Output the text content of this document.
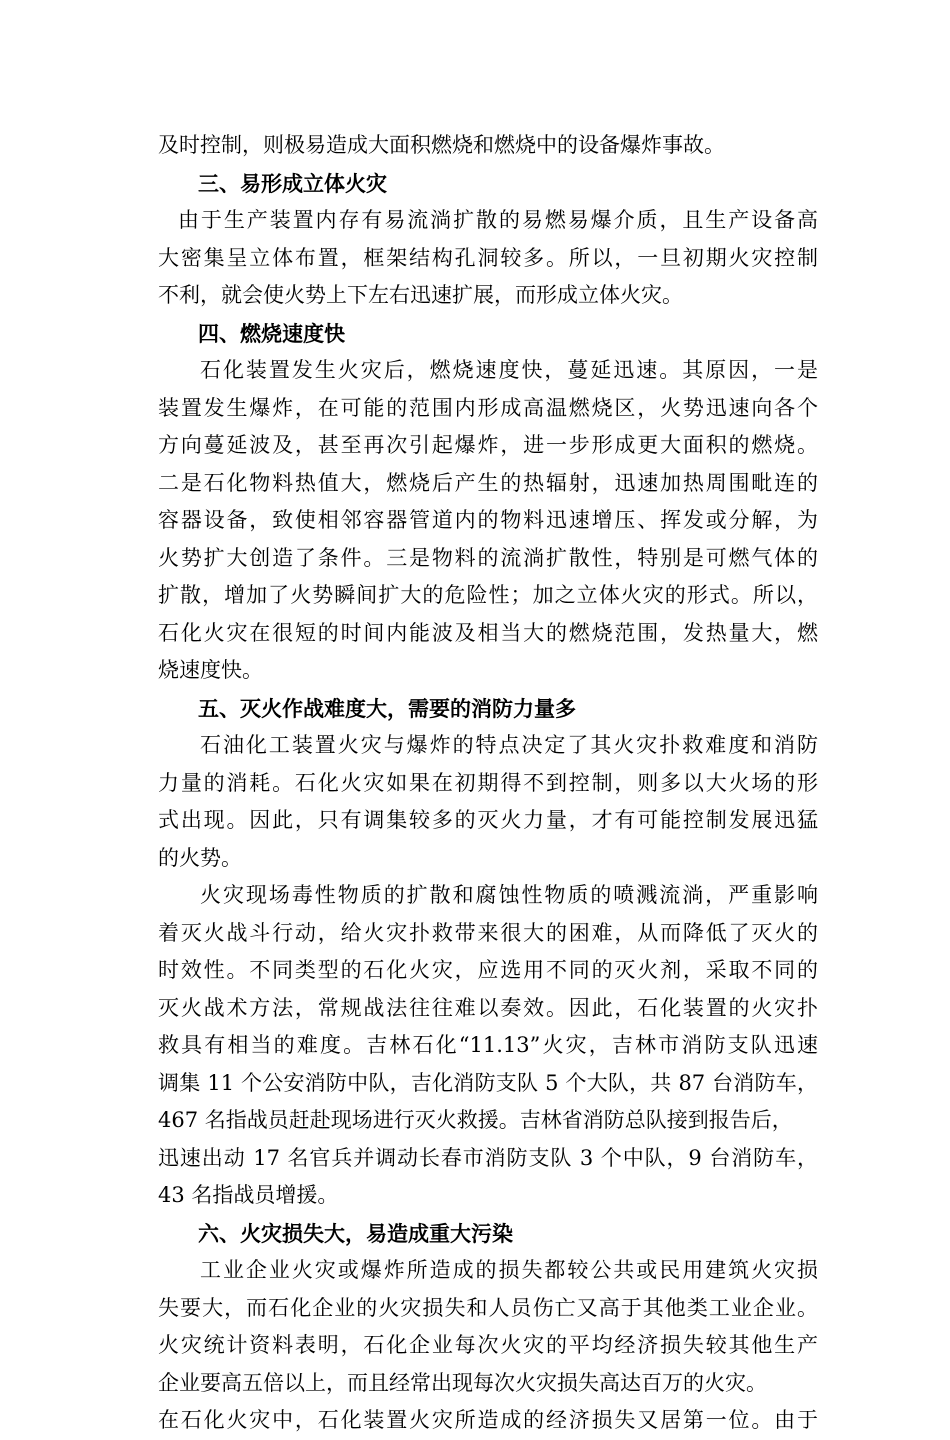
及时控制，则极易造成大面积燃烧和燃烧中的设备爆炸事故。
三、易形成立体火灾
由于生产装置内存有易流淌扩散的易燃易爆介质，且生产设备高
大密集呈立体布置，框架结构孔洞较多。所以，一旦初期火灾控制
不利，就会使火势上下左右迅速扩展，而形成立体火灾。
四、燃烧速度快
石化装置发生火灾后，燃烧速度快，蔓延迅速。其原因，一是
装置发生爆炸，在可能的范围内形成高温燃烧区，火势迅速向各个
方向蔓延波及，甚至再次引起爆炸，进一步形成更大面积的燃烧。
二是石化物料热值大，燃烧后产生的热辐射，迅速加热周围毗连的
容器设备，致使相邻容器管道内的物料迅速增压、挥发或分解，为
火势扩大创造了条件。三是物料的流淌扩散性，特别是可燃气体的
扩散，增加了火势瞬间扩大的危险性；加之立体火灾的形式。所以，
石化火灾在很短的时间内能波及相当大的燃烧范围，发热量大，燃
烧速度快。
五、灭火作战难度大，需要的消防力量多
石油化工装置火灾与爆炸的特点决定了其火灾扑救难度和消防
力量的消耗。石化火灾如果在初期得不到控制，则多以大火场的形
式出现。因此，只有调集较多的灭火力量，才有可能控制发展迅猛
的火势。
火灾现场毒性物质的扩散和腐蚀性物质的喷溅流淌，严重影响
着灭火战斗行动，给火灾扑救带来很大的困难，从而降低了灭火的
时效性。不同类型的石化火灾，应选用不同的灭火剂，采取不同的
灭火战术方法，常规战法往往难以奏效。因此，石化装置的火灾扑
救具有相当的难度。吉林石化“11.13”火灾，吉林市消防支队迅速
调集 11 个公安消防中队，吉化消防支队 5 个大队，共 87 台消防车，
467 名指战员赶赴现场进行灭火救援。吉林省消防总队接到报告后，
迅速出动 17 名官兵并调动长春市消防支队 3 个中队，9 台消防车，
43 名指战员增援。
六、火灾损失大，易造成重大污染
工业企业火灾或爆炸所造成的损失都较公共或民用建筑火灾损
失要大，而石化企业的火灾损失和人员伤亡又高于其他类工业企业。
火灾统计资料表明，石化企业每次火灾的平均经济损失较其他生产
企业要高五倍以上，而且经常出现每次火灾损失高达百万的火灾。
在石化火灾中，石化装置火灾所造成的经济损失又居第一位。由于
